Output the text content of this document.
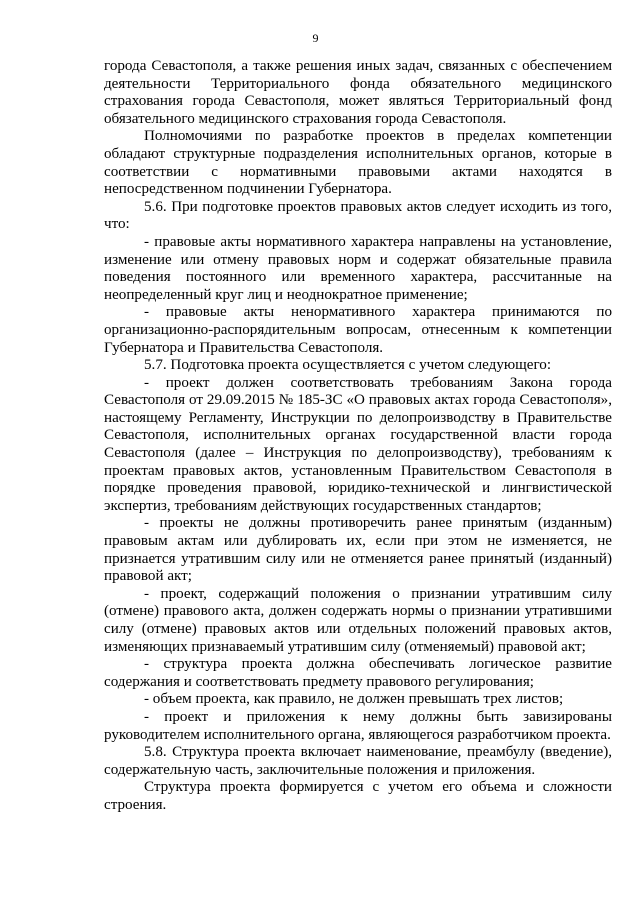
9

города Севастополя, а также решения иных задач, связанных с обеспечением деятельности Территориального фонда обязательного медицинского страхования города Севастополя, может являться Территориальный фонд обязательного медицинского страхования города Севастополя.

Полномочиями по разработке проектов в пределах компетенции обладают структурные подразделения исполнительных органов, которые в соответствии с нормативными правовыми актами находятся в непосредственном подчинении Губернатора.

5.6. При подготовке проектов правовых актов следует исходить из того, что:

- правовые акты нормативного характера направлены на установление, изменение или отмену правовых норм и содержат обязательные правила поведения постоянного или временного характера, рассчитанные на неопределенный круг лиц и неоднократное применение;

- правовые акты ненормативного характера принимаются по организационно-распорядительным вопросам, отнесенным к компетенции Губернатора и Правительства Севастополя.

5.7. Подготовка проекта осуществляется с учетом следующего:

- проект должен соответствовать требованиям Закона города Севастополя от 29.09.2015 № 185-ЗС «О правовых актах города Севастополя», настоящему Регламенту, Инструкции по делопроизводству в Правительстве Севастополя, исполнительных органах государственной власти города Севастополя (далее – Инструкция по делопроизводству), требованиям к проектам правовых актов, установленным Правительством Севастополя в порядке проведения правовой, юридико-технической и лингвистической экспертиз, требованиям действующих государственных стандартов;

- проекты не должны противоречить ранее принятым (изданным) правовым актам или дублировать их, если при этом не изменяется, не признается утратившим силу или не отменяется ранее принятый (изданный) правовой акт;

- проект, содержащий положения о признании утратившим силу (отмене) правового акта, должен содержать нормы о признании утратившими силу (отмене) правовых актов или отдельных положений правовых актов, изменяющих признаваемый утратившим силу (отменяемый) правовой акт;

- структура проекта должна обеспечивать логическое развитие содержания и соответствовать предмету правового регулирования;

- объем проекта, как правило, не должен превышать трех листов;

- проект и приложения к нему должны быть завизированы руководителем исполнительного органа, являющегося разработчиком проекта.

5.8. Структура проекта включает наименование, преамбулу (введение), содержательную часть, заключительные положения и приложения.

Структура проекта формируется с учетом его объема и сложности строения.
